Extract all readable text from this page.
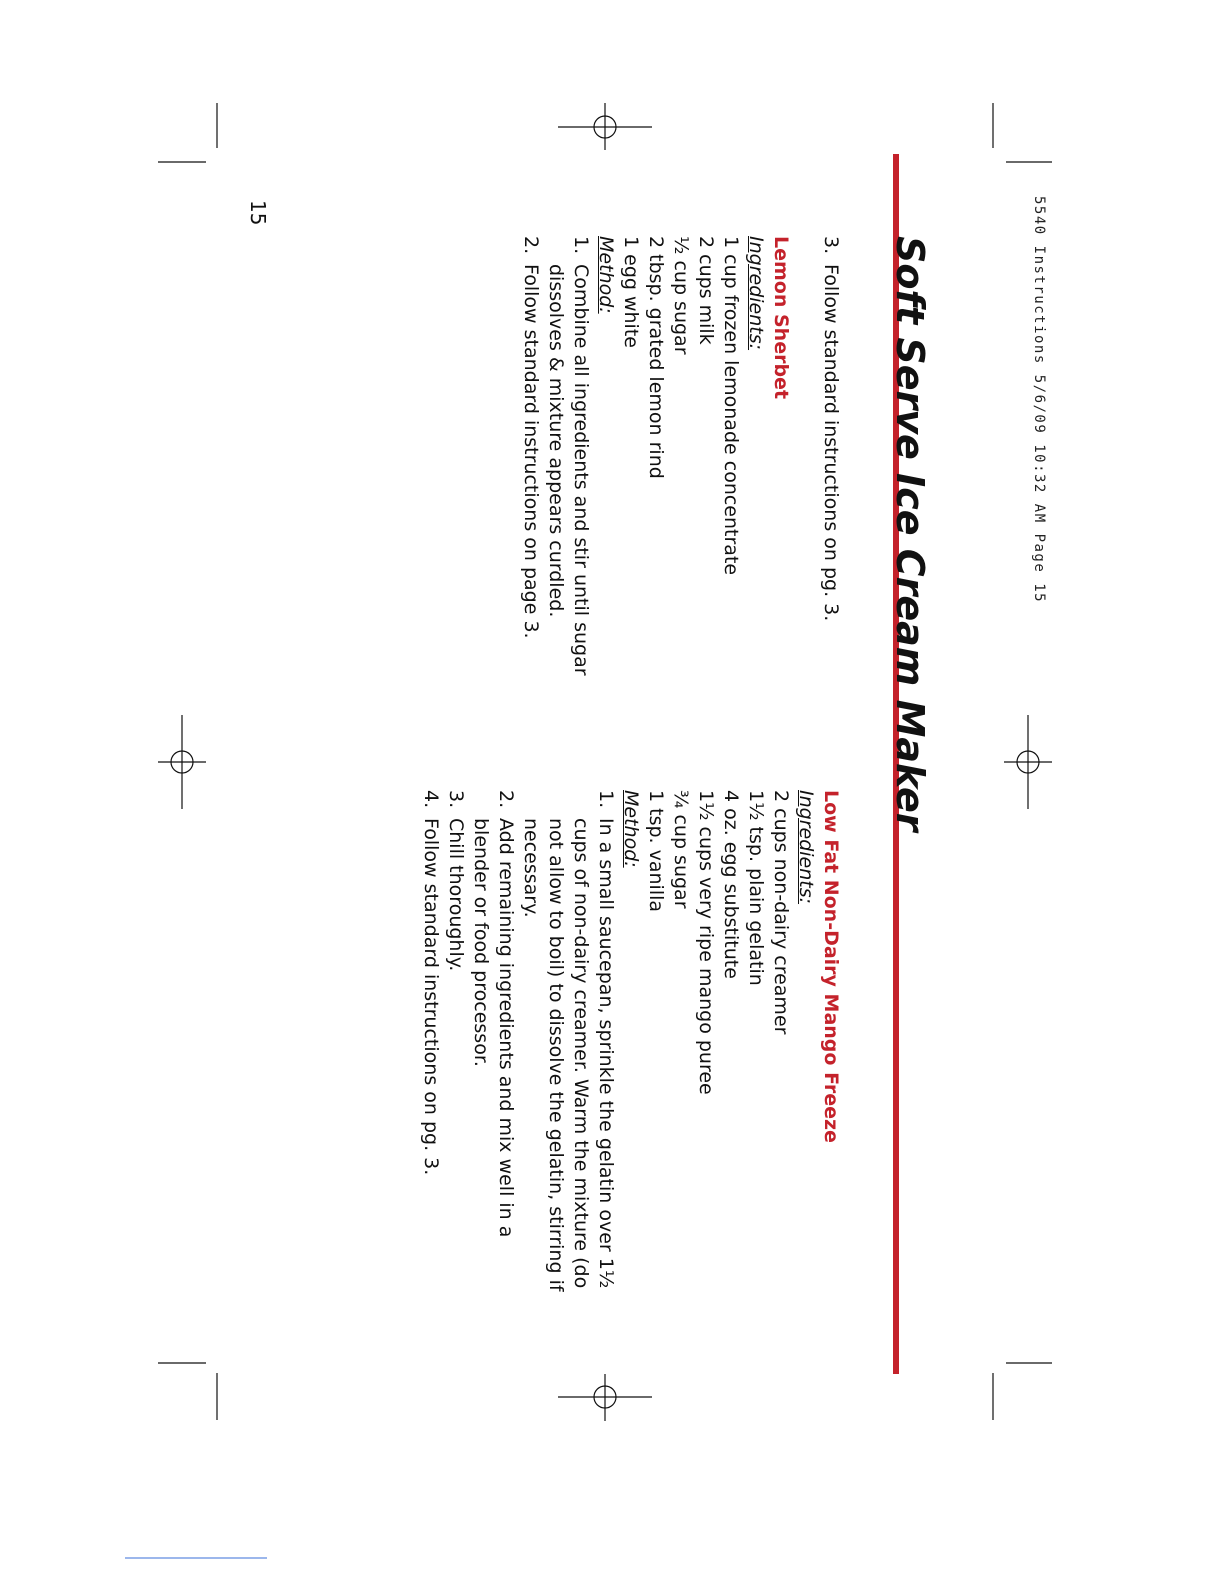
5540 Instructions 5/6/09 10:32 AM Page 15
Soft Serve Ice Cream Maker
15
3.
Follow standard instructions on pg. 3.
Lemon Sherbet
Ingredients:
1 cup frozen lemonade concentrate
2 cups milk
½ cup sugar
2 tbsp. grated lemon rind
1 egg white
Method:
1.
Combine all ingredients and stir until sugar dissolves & mixture appears curdled.
2.
Follow standard instructions on page 3.
Low Fat Non-Dairy Mango Freeze
Ingredients:
2 cups non-dairy creamer
1½ tsp. plain gelatin
4 oz. egg substitute
1½ cups very ripe mango puree
¾ cup sugar
1 tsp. vanilla
Method:
1.
In a small saucepan, sprinkle the gelatin over 1½ cups of non-dairy creamer. Warm the mixture (do not allow to boil) to dissolve the gelatin, stirring if necessary.
2.
Add remaining ingredients and mix well in a blender or food processor.
3.
Chill thoroughly.
4.
Follow standard instructions on pg. 3.
